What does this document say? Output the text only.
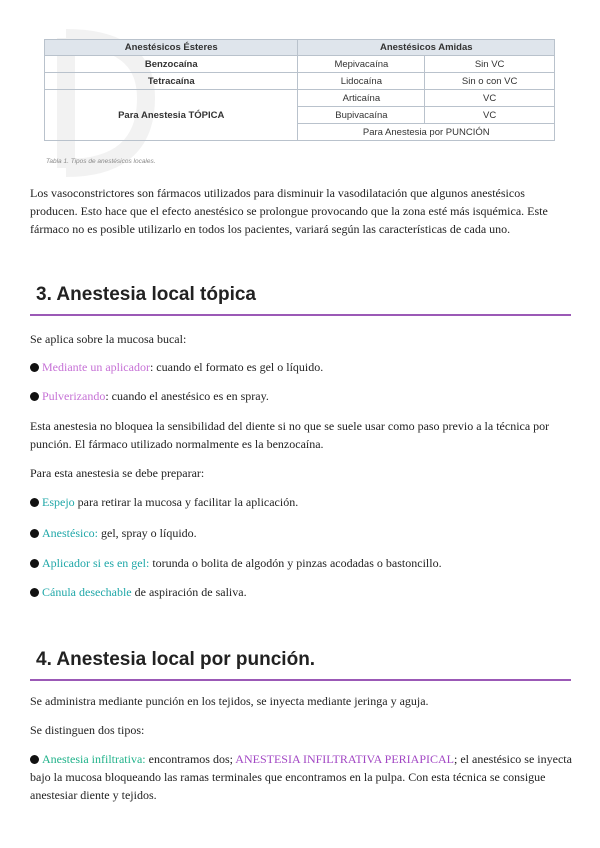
Anestésicos Ésteres	Anestésicos Amidas	
Benzocaína	Mepivacaína	Sin VC
Tetracaína	Lidocaína	Sin o con VC
Para Anestesia TÓPICA	Articaína	VC
	Bupivacaína	VC
	Para Anestesia por PUNCIÓN	
Tabla 1. Tipos de anestésicos locales.

Los vasoconstrictores son fármacos utilizados para disminuir la vasodilatación que algunos anestésicos producen. Esto hace que el efecto anestésico se prolongue provocando que la zona esté más isquémica. Este fármaco no es posible utilizarlo en todos los pacientes, variará según las características de cada uno.

3. Anestesia local tópica

Se aplica sobre la mucosa bucal:

Mediante un aplicador: cuando el formato es gel o líquido.

Pulverizando: cuando el anestésico es en spray.

Esta anestesia no bloquea la sensibilidad del diente si no que se suele usar como paso previo a la técnica por punción. El fármaco utilizado normalmente es la benzocaína.

Para esta anestesia se debe preparar:

Espejo para retirar la mucosa y facilitar la aplicación.

Anestésico: gel, spray o líquido.

Aplicador si es en gel: torunda o bolita de algodón y pinzas acodadas o bastoncillo.

Cánula desechable de aspiración de saliva.

4. Anestesia local por punción.

Se administra mediante punción en los tejidos, se inyecta mediante jeringa y aguja.

Se distinguen dos tipos:

Anestesia infiltrativa: encontramos dos; ANESTESIA INFILTRATIVA PERIAPICAL; el anestésico se inyecta bajo la mucosa bloqueando las ramas terminales que encontramos en la pulpa. Con esta técnica se consigue anestesiar diente y tejidos.
